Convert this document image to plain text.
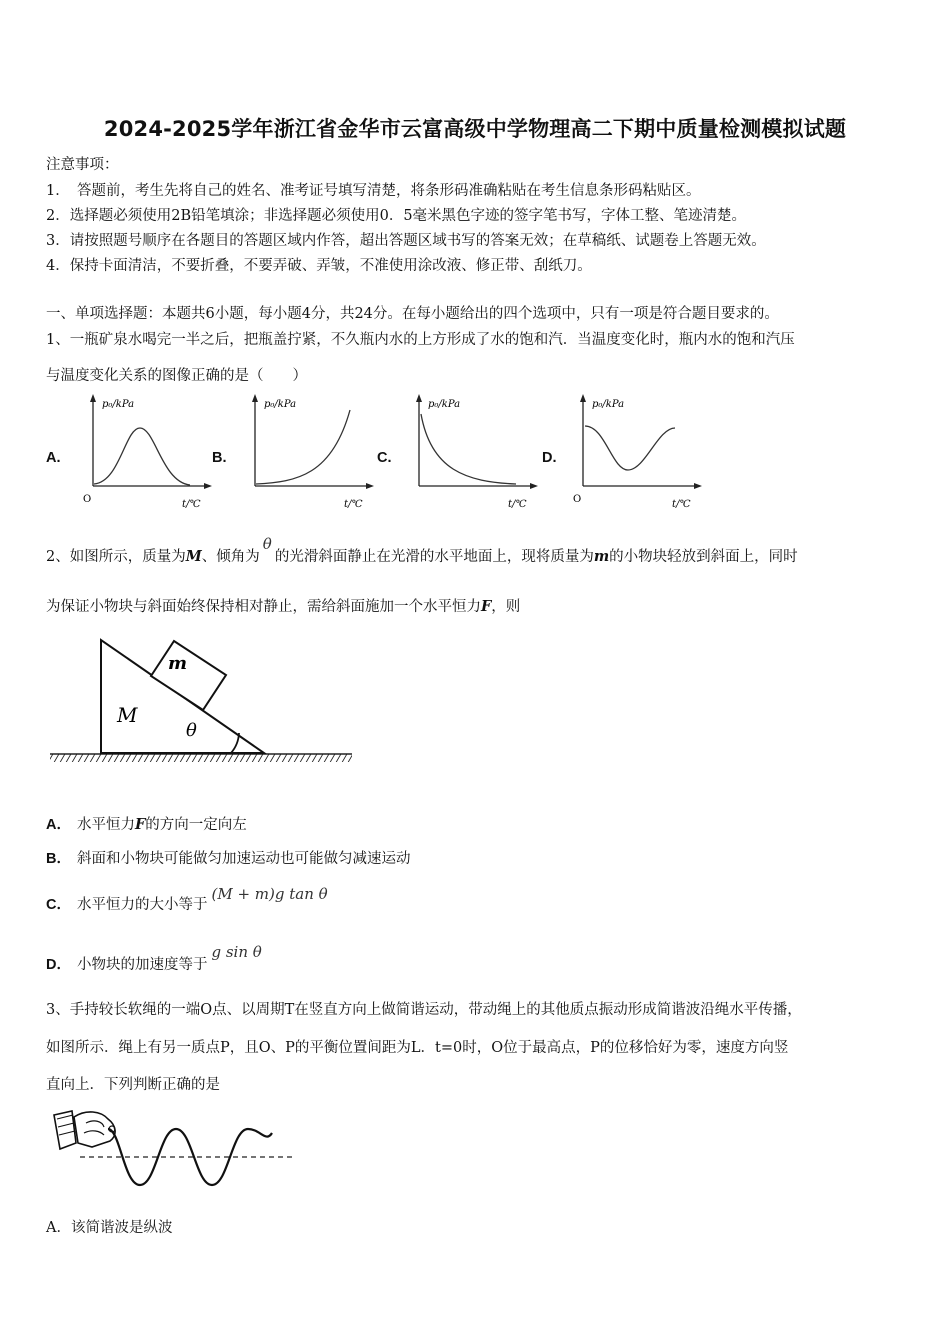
2024-2025学年浙江省金华市云富高级中学物理高二下期中质量检测模拟试题
注意事项：
1．　答题前，考生先将自己的姓名、准考证号填写清楚，将条形码准确粘贴在考生信息条形码粘贴区。
2．选择题必须使用2B铅笔填涂；非选择题必须使用0．5毫米黑色字迹的签字笔书写，字体工整、笔迹清楚。
3．请按照题号顺序在各题目的答题区域内作答，超出答题区域书写的答案无效；在草稿纸、试题卷上答题无效。
4．保持卡面清洁，不要折叠，不要弄破、弄皱，不准使用涂改液、修正带、刮纸刀。
一、单项选择题：本题共6小题，每小题4分，共24分。在每小题给出的四个选项中，只有一项是符合题目要求的。
1、一瓶矿泉水喝完一半之后，把瓶盖拧紧，不久瓶内水的上方形成了水的饱和汽．当温度变化时，瓶内水的饱和汽压
与温度变化关系的图像正确的是（　　）
A.	B.	C.	D.
p₀/kPa
O	t/℃
p₀/kPa
t/℃
p₀/kPa
t/℃
p₀/kPa
O	t/℃
2、如图所示，质量为M、倾角为θ的光滑斜面静止在光滑的水平地面上，现将质量为m的小物块轻放到斜面上，同时
为保证小物块与斜面始终保持相对静止，需给斜面施加一个水平恒力F，则
m
M
θ
A． 水平恒力F的方向一定向左
B． 斜面和小物块可能做匀加速运动也可能做匀减速运动
C． 水平恒力的大小等于(M + m)g tan θ
D． 小物块的加速度等于g sin θ
3、手持较长软绳的一端O点、以周期T在竖直方向上做简谐运动，带动绳上的其他质点振动形成简谐波沿绳水平传播，
如图所示．绳上有另一质点P，且O、P的平衡位置间距为L．t=0时，O位于最高点，P的位移恰好为零，速度方向竖
直向上．下列判断正确的是
A．该简谐波是纵波
